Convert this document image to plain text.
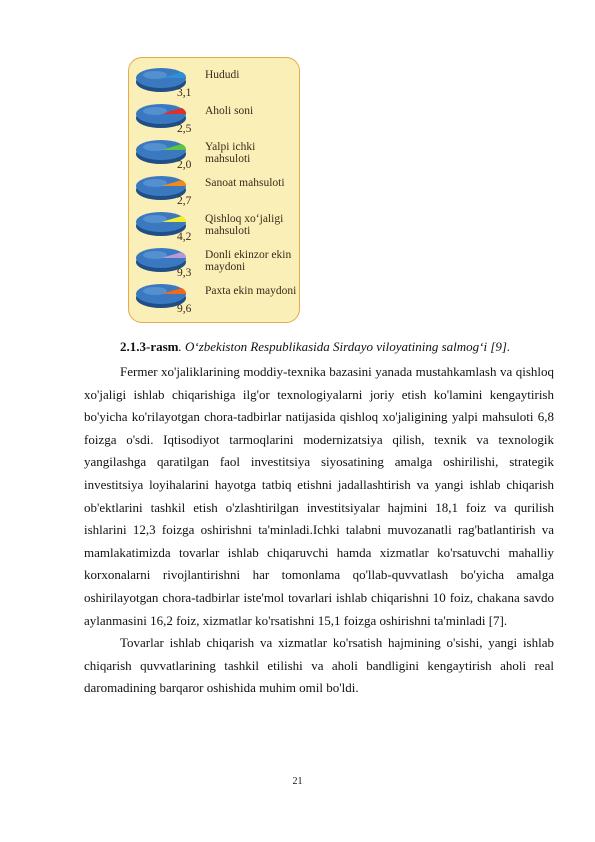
3,1
Hududi
2,5
Aholi soni
2,0
Yalpi ichki mahsuloti
2,7
Sanoat mahsuloti
4,2
Qishloq xo‘jaligi mahsuloti
9,3
Donli ekinzor ekin maydoni
9,6
Paxta ekin maydoni
2.1.3-rasm. O‘zbekiston Respublikasida Sirdayo viloyatining salmog‘i [9].

Fermer xo'jaliklarining moddiy-texnika bazasini yanada mustahkamlash va qishloq xo'jaligi ishlab chiqarishiga ilg'or texnologiyalarni joriy etish ko'lamini kengaytirish bo'yicha ko'rilayotgan chora-tadbirlar natijasida qishloq xo'jaligining yalpi mahsuloti 6,8 foizga o'sdi. Iqtisodiyot tarmoqlarini modernizatsiya qilish, texnik va texnologik yangilashga qaratilgan faol investitsiya siyosatining amalga oshirilishi, strategik investitsiya loyihalarini hayotga tatbiq etishni jadallashtirish va yangi ishlab chiqarish ob'ektlarini tashkil etish o'zlashtirilgan investitsiyalar hajmini 18,1 foiz va qurilish ishlarini 12,3 foizga oshirishni ta'minladi.Ichki talabni muvozanatli rag'batlantirish va mamlakatimizda tovarlar ishlab chiqaruvchi hamda xizmatlar ko'rsatuvchi mahalliy korxonalarni rivojlantirishni har tomonlama qo'llab-quvvatlash bo'yicha amalga oshirilayotgan chora-tadbirlar iste'mol tovarlari ishlab chiqarishni 10 foiz, chakana savdo aylanmasini 16,2 foiz, xizmatlar ko'rsatishni 15,1 foizga oshirishni ta'minladi [7].

Tovarlar ishlab chiqarish va xizmatlar ko'rsatish hajmining o'sishi, yangi ishlab chiqarish quvvatlarining tashkil etilishi va aholi bandligini kengaytirish aholi real daromadining barqaror oshishida muhim omil bo'ldi.

21
